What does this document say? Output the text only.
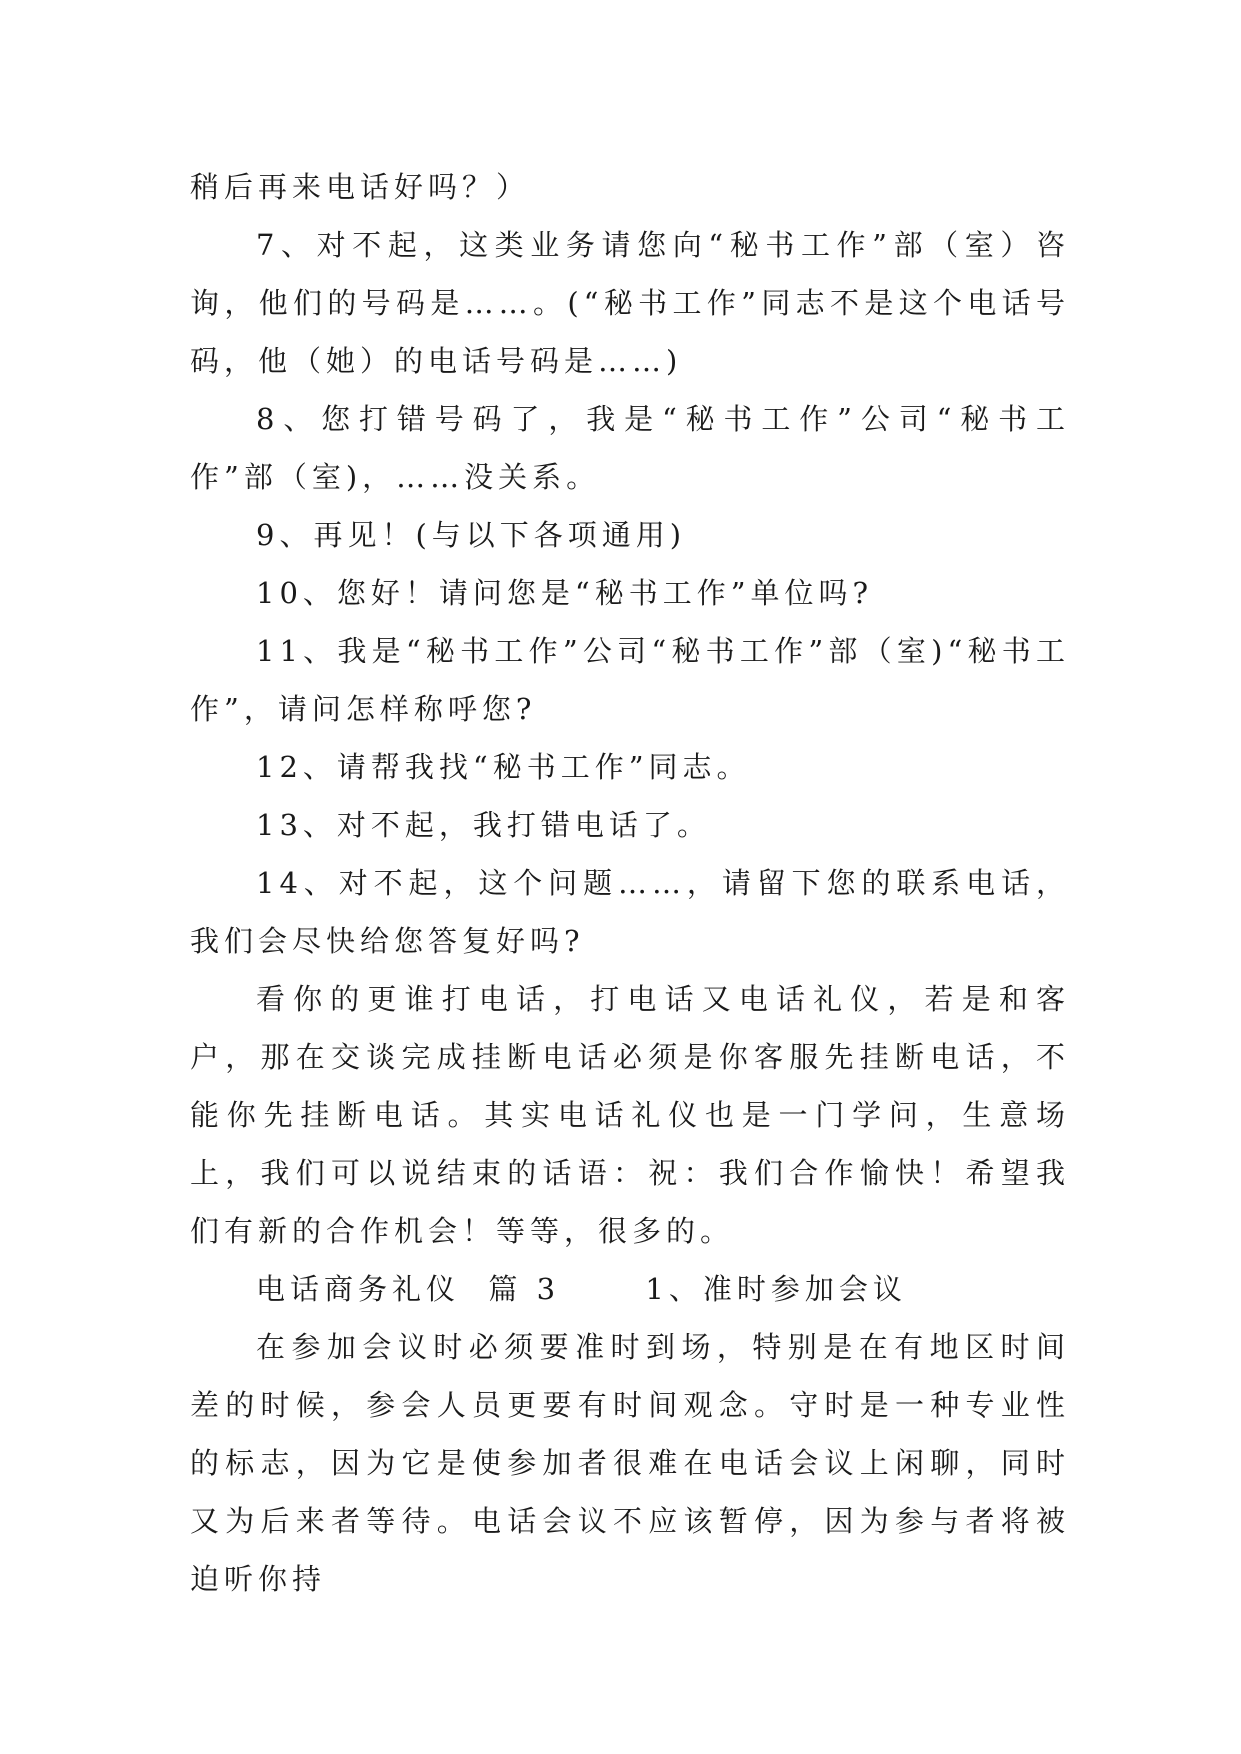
稍后再来电话好吗？）

7、对不起，这类业务请您向“秘书工作”部（室）咨询，他们的号码是……。(“秘书工作”同志不是这个电话号码，他（她）的电话号码是……)

8、您打错号码了，我是“秘书工作”公司“秘书工作”部（室)，……没关系。

9、再见！(与以下各项通用)

10、您好！请问您是“秘书工作”单位吗?

11、我是“秘书工作”公司“秘书工作”部（室)“秘书工作”，请问怎样称呼您?

12、请帮我找“秘书工作”同志。

13、对不起，我打错电话了。

14、对不起，这个问题……，请留下您的联系电话，我们会尽快给您答复好吗?

看你的更谁打电话，打电话又电话礼仪，若是和客户，那在交谈完成挂断电话必须是你客服先挂断电话，不能你先挂断电话。其实电话礼仪也是一门学问，生意场上，我们可以说结束的话语：祝：我们合作愉快！希望我们有新的合作机会！等等，很多的。

电话商务礼仪  篇 3      1、准时参加会议

在参加会议时必须要准时到场，特别是在有地区时间差的时候，参会人员更要有时间观念。守时是一种专业性的标志，因为它是使参加者很难在电话会议上闲聊，同时又为后来者等待。电话会议不应该暂停，因为参与者将被迫听你持
